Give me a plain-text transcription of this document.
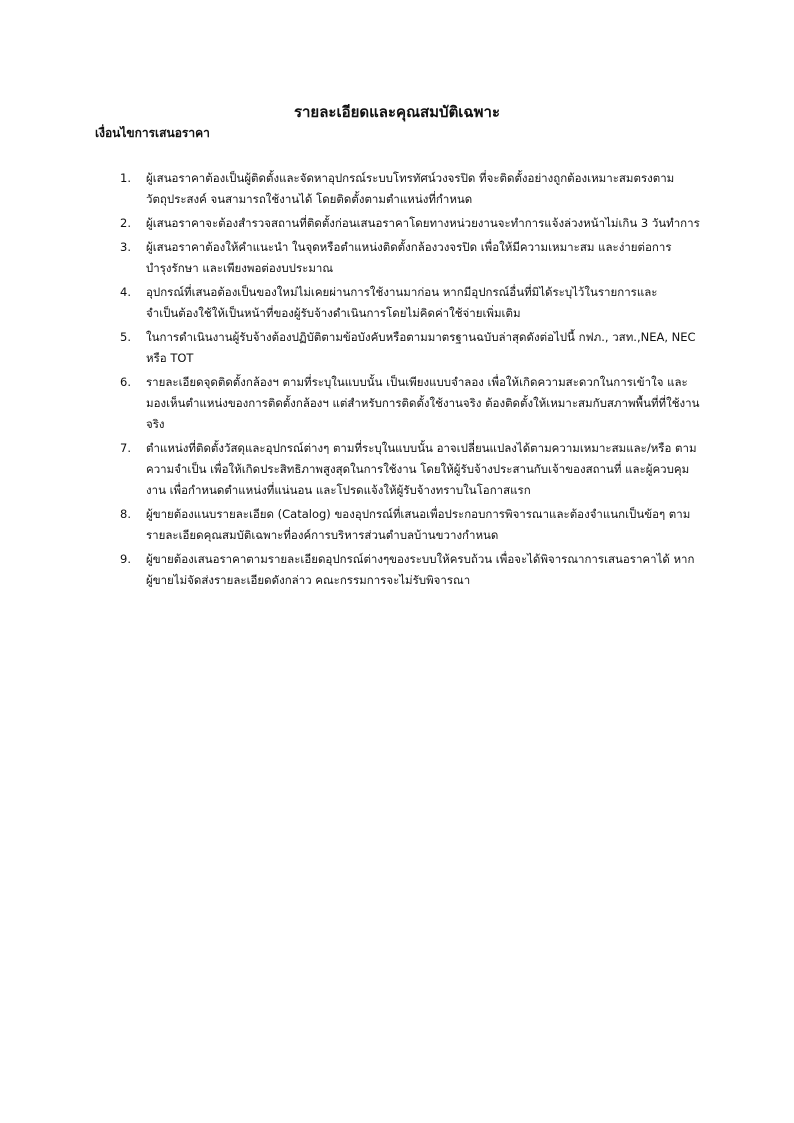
รายละเอียดและคุณสมบัติเฉพาะ
เงื่อนไขการเสนอราคา
1. ผู้เสนอราคาต้องเป็นผู้ติดตั้งและจัดหาอุปกรณ์ระบบโทรทัศน์วงจรปิด ที่จะติดตั้งอย่างถูกต้องเหมาะสมตรงตาม
วัตถุประสงค์ จนสามารถใช้งานได้ โดยติดตั้งตามตำแหน่งที่กำหนด
2. ผู้เสนอราคาจะต้องสำรวจสถานที่ติดตั้งก่อนเสนอราคาโดยทางหน่วยงานจะทำการแจ้งล่วงหน้าไม่เกิน 3 วันทำการ
3. ผู้เสนอราคาต้องให้คำแนะนำ ในจุดหรือตำแหน่งติดตั้งกล้องวงจรปิด เพื่อให้มีความเหมาะสม และง่ายต่อการ
บำรุงรักษา และเพียงพอต่องบประมาณ
4. อุปกรณ์ที่เสนอต้องเป็นของใหม่ไม่เคยผ่านการใช้งานมาก่อน หากมีอุปกรณ์อื่นที่มิได้ระบุไว้ในรายการและ
จำเป็นต้องใช้ให้เป็นหน้าที่ของผู้รับจ้างดำเนินการโดยไม่คิดค่าใช้จ่ายเพิ่มเติม
5. ในการดำเนินงานผู้รับจ้างต้องปฏิบัติตามข้อบังคับหรือตามมาตรฐานฉบับล่าสุดดังต่อไปนี้ กฟภ., วสท.,NEA, NEC
หรือ TOT
6. รายละเอียดจุดติดตั้งกล้องฯ ตามที่ระบุในแบบนั้น เป็นเพียงแบบจำลอง เพื่อให้เกิดความสะดวกในการเข้าใจ และ
มองเห็นตำแหน่งของการติดตั้งกล้องฯ แต่สำหรับการติดตั้งใช้งานจริง ต้องติดตั้งให้เหมาะสมกับสภาพพื้นที่ที่ใช้งาน
จริง
7. ตำแหน่งที่ติดตั้งวัสดุและอุปกรณ์ต่างๆ ตามที่ระบุในแบบนั้น อาจเปลี่ยนแปลงได้ตามความเหมาะสมและ/หรือ ตาม
ความจำเป็น เพื่อให้เกิดประสิทธิภาพสูงสุดในการใช้งาน โดยให้ผู้รับจ้างประสานกับเจ้าของสถานที่ และผู้ควบคุม
งาน เพื่อกำหนดตำแหน่งที่แน่นอน และโปรดแจ้งให้ผู้รับจ้างทราบในโอกาสแรก
8. ผู้ขายต้องแนบรายละเอียด (Catalog) ของอุปกรณ์ที่เสนอเพื่อประกอบการพิจารณาและต้องจำแนกเป็นข้อๆ ตาม
รายละเอียดคุณสมบัติเฉพาะที่องค์การบริหารส่วนตำบลบ้านขวางกำหนด
9. ผู้ขายต้องเสนอราคาตามรายละเอียดอุปกรณ์ต่างๆของระบบให้ครบถ้วน เพื่อจะได้พิจารณาการเสนอราคาได้ หาก
ผู้ขายไม่จัดส่งรายละเอียดดังกล่าว คณะกรรมการจะไม่รับพิจารณา
